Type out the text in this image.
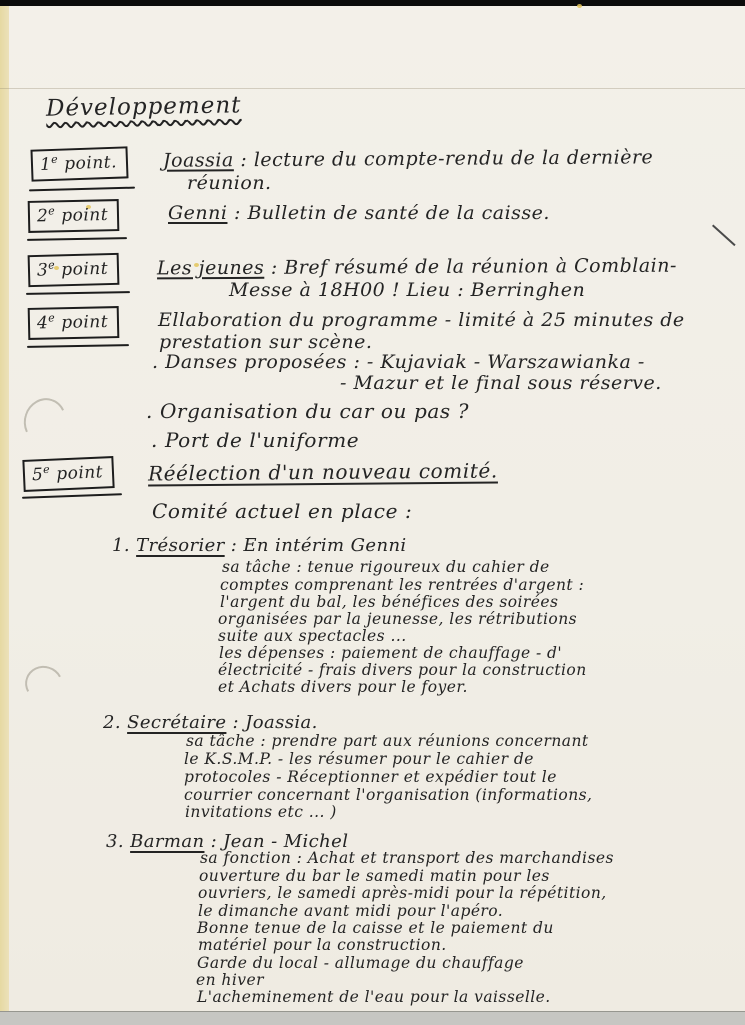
Développement
1e point.	Joassia : lecture du compte-rendu de la dernière
réunion.
2e point	Genni : Bulletin de santé de la caisse.
3e point	Les jeunes : Bref résumé de la réunion à Comblain-
Messe à 18H00 ! Lieu : Berringhen
4e point	Ellaboration du programme - limité à 25 minutes de
prestation sur scène.
. Danses proposées : - Kujaviak - Warszawianka -
- Mazur et le final sous réserve.
. Organisation du car ou pas ?
. Port de l'uniforme
5e point	Réélection d'un nouveau comité.
Comité actuel en place :
1. Trésorier : En intérim Genni
sa tâche : tenue rigoureux du cahier de
comptes comprenant les rentrées d'argent :
l'argent du bal, les bénéfices des soirées
organisées par la jeunesse, les rétributions
suite aux spectacles ...
les dépenses : paiement de chauffage - d'
électricité - frais divers pour la construction
et Achats divers pour le foyer.
2. Secrétaire : Joassia.
sa tâche : prendre part aux réunions concernant
le K.S.M.P. - les résumer pour le cahier de
protocoles - Réceptionner et expédier tout le
courrier concernant l'organisation (informations,
invitations etc ... )
3. Barman : Jean - Michel
sa fonction : Achat et transport des marchandises
ouverture du bar le samedi matin pour les
ouvriers, le samedi après-midi pour la répétition,
le dimanche avant midi pour l'apéro.
Bonne tenue de la caisse et le paiement du
matériel pour la construction.
Garde du local - allumage du chauffage
en hiver
L'acheminement de l'eau pour la vaisselle.
